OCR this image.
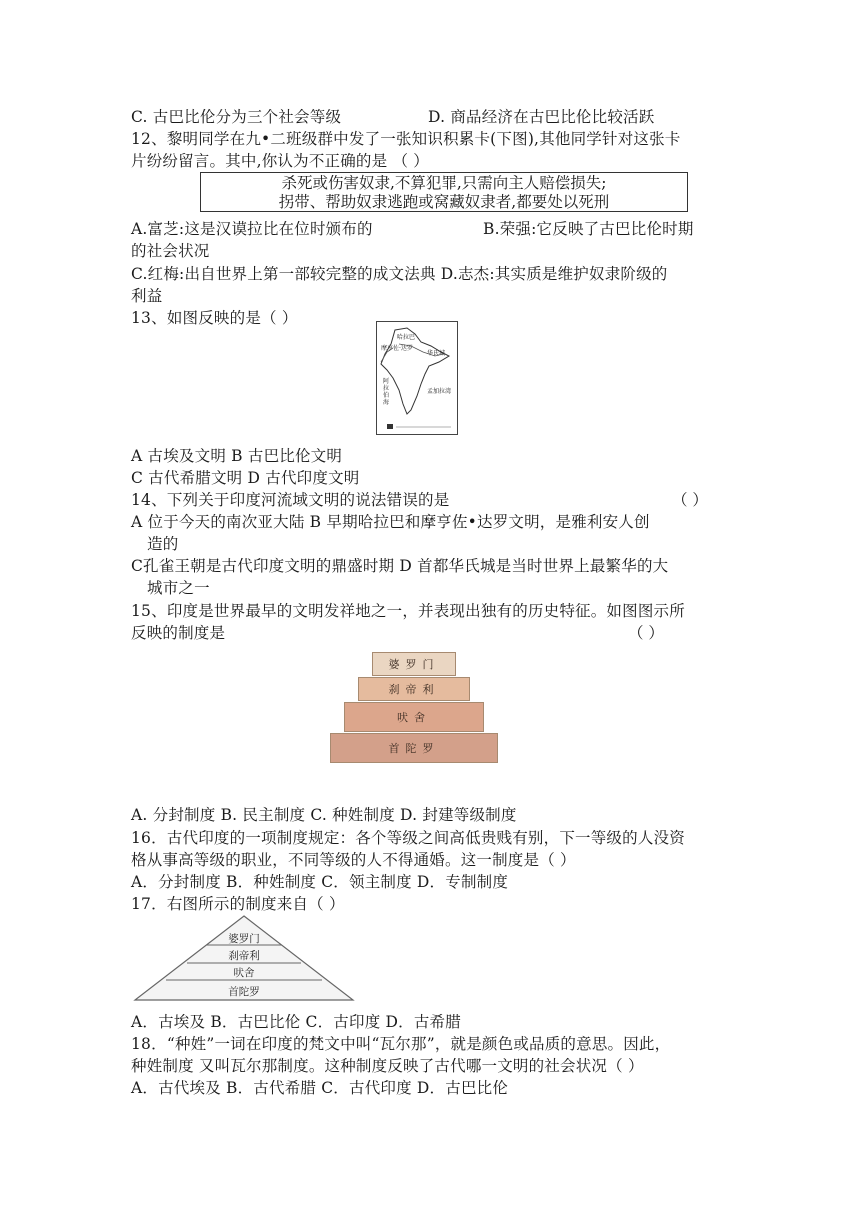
C. 古巴比伦分为三个社会等级	D. 商品经济在古巴比伦比较活跃
12、黎明同学在九•二班级群中发了一张知识积累卡(下图),其他同学针对这张卡
片纷纷留言。其中,你认为不正确的是 （ ）
杀死或伤害奴隶,不算犯罪,只需向主人赔偿损失;
拐带、帮助奴隶逃跑或窝藏奴隶者,都要处以死刑
A.富芝:这是汉谟拉比在位时颁布的	B.荣强:它反映了古巴比伦时期
的社会状况
C.红梅:出自世界上第一部较完整的成文法典 D.志杰:其实质是维护奴隶阶级的
利益
13、如图反映的是（ ）
哈拉巴
摩亨佐·达罗
华氏城
阿拉伯海
孟加拉湾
A 古埃及文明 B 古巴比伦文明
C 古代希腊文明 D 古代印度文明
14、下列关于印度河流域文明的说法错误的是	（ ）
A 位于今天的南次亚大陆 B 早期哈拉巴和摩亨佐•达罗文明，是雅利安人创
造的
C孔雀王朝是古代印度文明的鼎盛时期 D 首都华氏城是当时世界上最繁华的大
城市之一
15、印度是世界最早的文明发祥地之一，并表现出独有的历史特征。如图图示所
反映的制度是	（ ）
婆罗门
刹帝利
吠舍
首陀罗
A. 分封制度 B. 民主制度 C. 种姓制度 D. 封建等级制度
16．古代印度的一项制度规定：各个等级之间高低贵贱有别，下一等级的人没资
格从事高等级的职业，不同等级的人不得通婚。这一制度是（ ）
A．分封制度 B．种姓制度 C．领主制度 D．专制制度
17．右图所示的制度来自（ ）
婆罗门
刹帝利
吠舍
首陀罗
A．古埃及 B．古巴比伦 C．古印度 D．古希腊
18．“种姓”一词在印度的梵文中叫“瓦尔那”，就是颜色或品质的意思。因此，
种姓制度 又叫瓦尔那制度。这种制度反映了古代哪一文明的社会状况（ ）
A．古代埃及 B．古代希腊 C．古代印度 D．古巴比伦
